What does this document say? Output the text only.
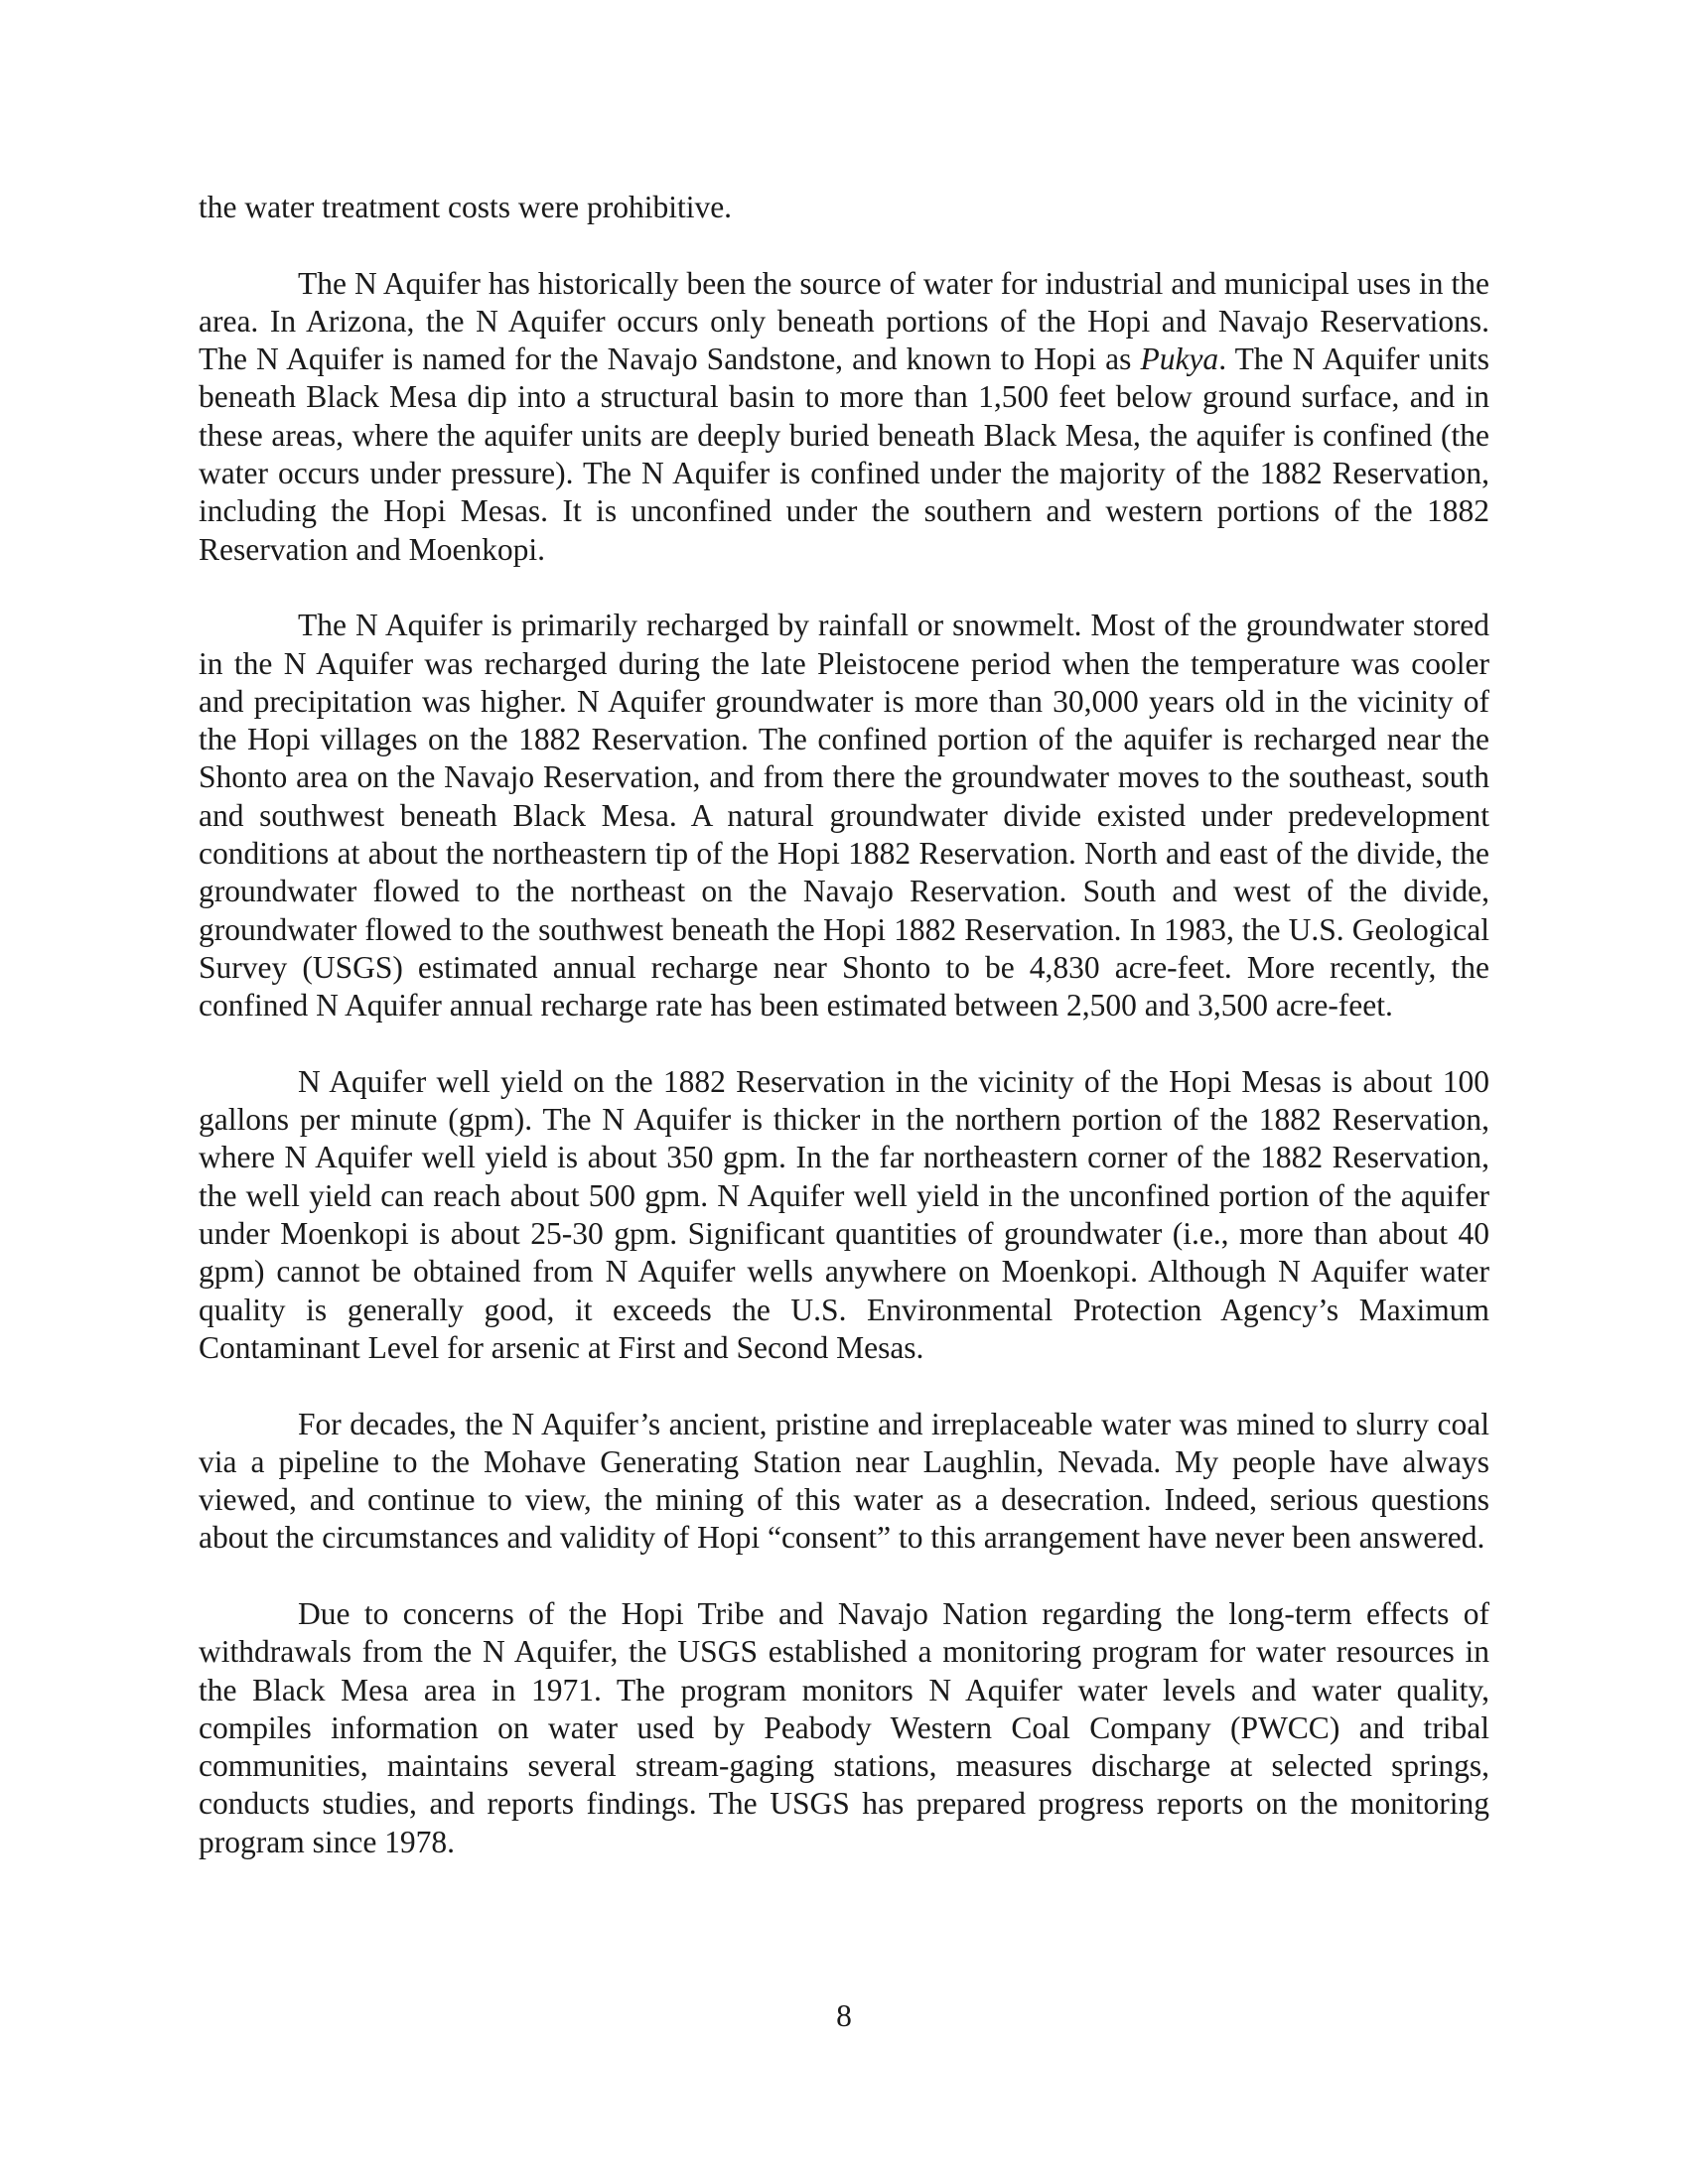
the water treatment costs were prohibitive.

The N Aquifer has historically been the source of water for industrial and municipal uses in the area. In Arizona, the N Aquifer occurs only beneath portions of the Hopi and Navajo Reservations. The N Aquifer is named for the Navajo Sandstone, and known to Hopi as Pukya. The N Aquifer units beneath Black Mesa dip into a structural basin to more than 1,500 feet below ground surface, and in these areas, where the aquifer units are deeply buried beneath Black Mesa, the aquifer is confined (the water occurs under pressure). The N Aquifer is confined under the majority of the 1882 Reservation, including the Hopi Mesas. It is unconfined under the southern and western portions of the 1882 Reservation and Moenkopi.

The N Aquifer is primarily recharged by rainfall or snowmelt. Most of the groundwater stored in the N Aquifer was recharged during the late Pleistocene period when the temperature was cooler and precipitation was higher. N Aquifer groundwater is more than 30,000 years old in the vicinity of the Hopi villages on the 1882 Reservation. The confined portion of the aquifer is recharged near the Shonto area on the Navajo Reservation, and from there the groundwater moves to the southeast, south and southwest beneath Black Mesa. A natural groundwater divide existed under predevelopment conditions at about the northeastern tip of the Hopi 1882 Reservation. North and east of the divide, the groundwater flowed to the northeast on the Navajo Reservation. South and west of the divide, groundwater flowed to the southwest beneath the Hopi 1882 Reservation. In 1983, the U.S. Geological Survey (USGS) estimated annual recharge near Shonto to be 4,830 acre-feet. More recently, the confined N Aquifer annual recharge rate has been estimated between 2,500 and 3,500 acre-feet.

N Aquifer well yield on the 1882 Reservation in the vicinity of the Hopi Mesas is about 100 gallons per minute (gpm). The N Aquifer is thicker in the northern portion of the 1882 Reservation, where N Aquifer well yield is about 350 gpm. In the far northeastern corner of the 1882 Reservation, the well yield can reach about 500 gpm. N Aquifer well yield in the unconfined portion of the aquifer under Moenkopi is about 25-30 gpm. Significant quantities of groundwater (i.e., more than about 40 gpm) cannot be obtained from N Aquifer wells anywhere on Moenkopi. Although N Aquifer water quality is generally good, it exceeds the U.S. Environmental Protection Agency’s Maximum Contaminant Level for arsenic at First and Second Mesas.

For decades, the N Aquifer’s ancient, pristine and irreplaceable water was mined to slurry coal via a pipeline to the Mohave Generating Station near Laughlin, Nevada. My people have always viewed, and continue to view, the mining of this water as a desecration. Indeed, serious questions about the circumstances and validity of Hopi “consent” to this arrangement have never been answered.

Due to concerns of the Hopi Tribe and Navajo Nation regarding the long-term effects of withdrawals from the N Aquifer, the USGS established a monitoring program for water resources in the Black Mesa area in 1971. The program monitors N Aquifer water levels and water quality, compiles information on water used by Peabody Western Coal Company (PWCC) and tribal communities, maintains several stream-gaging stations, measures discharge at selected springs, conducts studies, and reports findings. The USGS has prepared progress reports on the monitoring program since 1978.

8
